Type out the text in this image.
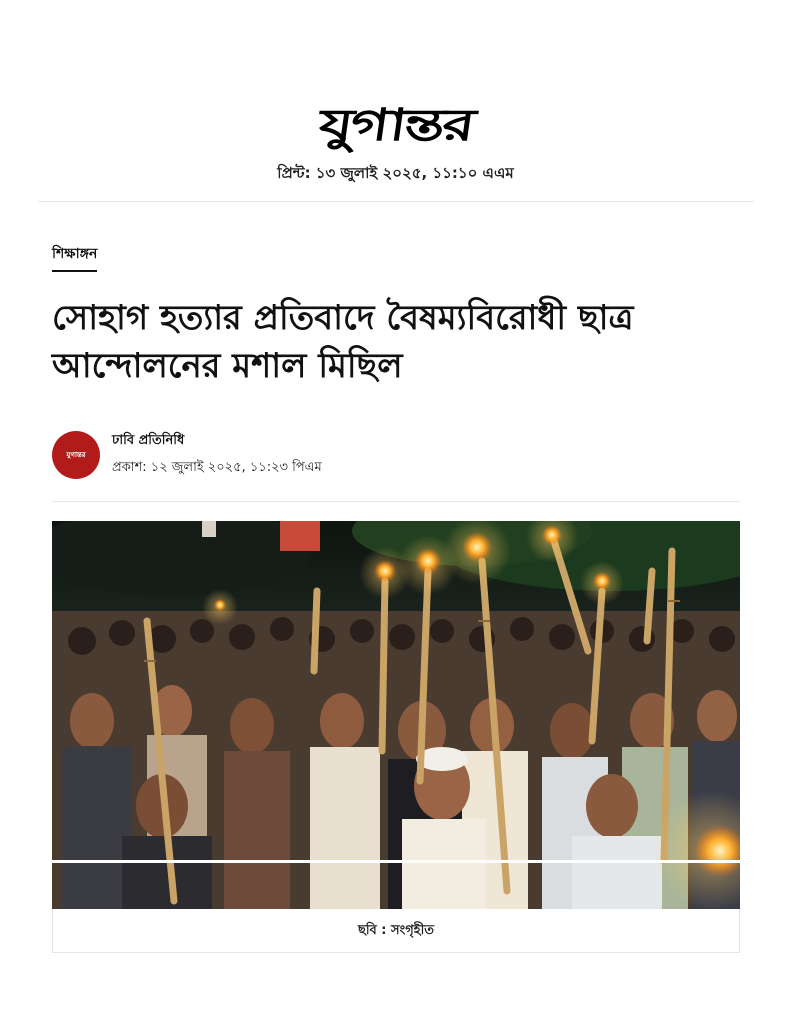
যুগান্তর
প্রিন্ট: ১৩ জুলাই ২০২৫, ১১:১০ এএম
শিক্ষাঙ্গন
সোহাগ হত্যার প্রতিবাদে বৈষম্যবিরোধী ছাত্র আন্দোলনের মশাল মিছিল
যুগান্তর
ঢাবি প্রতিনিধি
প্রকাশ: ১২ জুলাই ২০২৫, ১১:২৩ পিএম
ছবি : সংগৃহীত
